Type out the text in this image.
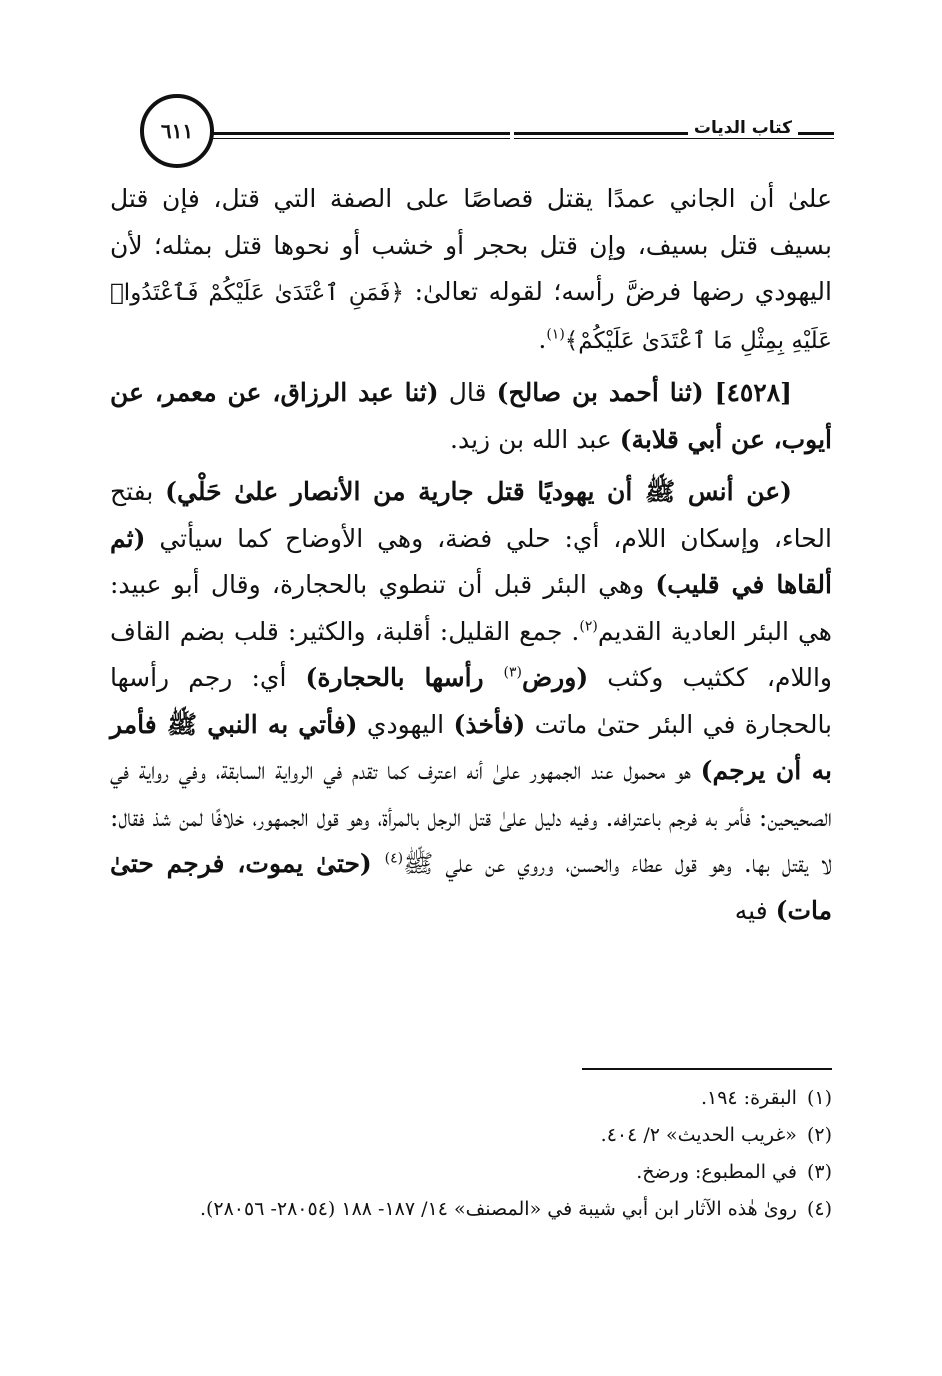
٦١١	كتاب الديات

علىٰ أن الجاني عمدًا يقتل قصاصًا على الصفة التي قتل، فإن قتل بسيف قتل بسيف، وإن قتل بحجر أو خشب أو نحوها قتل بمثله؛ لأن اليهودي رضها فرضَّ رأسه؛ لقوله تعالىٰ: ﴿فَمَنِ ٱعْتَدَىٰ عَلَيْكُمْ فَٱعْتَدُوا۟ عَلَيْهِ بِمِثْلِ مَا ٱعْتَدَىٰ عَلَيْكُمْ﴾$^{(١)}$.

[٤٥٢٨] (ثنا أحمد بن صالح) قال (ثنا عبد الرزاق، عن معمر، عن أيوب، عن أبي قلابة) عبد الله بن زيد.

(عن أنس ﷺ أن يهوديًا قتل جارية من الأنصار علىٰ حَلْي) بفتح الحاء، وإسكان اللام، أي: حلي فضة، وهي الأوضاح كما سيأتي (ثم ألقاها في قليب) وهي البئر قبل أن تنطوي بالحجارة، وقال أبو عبيد: هي البئر العادية القديم$^{(٢)}$. جمع القليل: أقلبة، والكثير: قلب بضم القاف واللام، ككثيب وكثب (ورض$^{(٣)}$ رأسها بالحجارة) أي: رجم رأسها بالحجارة في البئر حتىٰ ماتت (فأخذ) اليهودي (فأتي به النبي ﷺ فأمر به أن يرجم) هو محمول عند الجمهور علىٰ أنه اعترف كما تقدم في الرواية السابقة، وفي رواية في الصحيحين: فأمر به فرجم باعترافه. وفيه دليل علىٰ قتل الرجل بالمرأة، وهو قول الجمهور، خلافًا لمن شذ فقال: لا يقتل بها. وهو قول عطاء والحسن، وروي عن علي ﷺ$^{(٤)}$ (حتىٰ يموت، فرجم حتىٰ مات) فيه

(١)
البقرة: ١٩٤.
(٢)
«غريب الحديث» ٢/ ٤٠٤.
(٣)
في المطبوع: ورضخ.
(٤)
روىٰ هٰذه الآثار ابن أبي شيبة في «المصنف» ١٤/ ١٨٧- ١٨٨ (٢٨٠٥٤- ٢٨٠٥٦).
